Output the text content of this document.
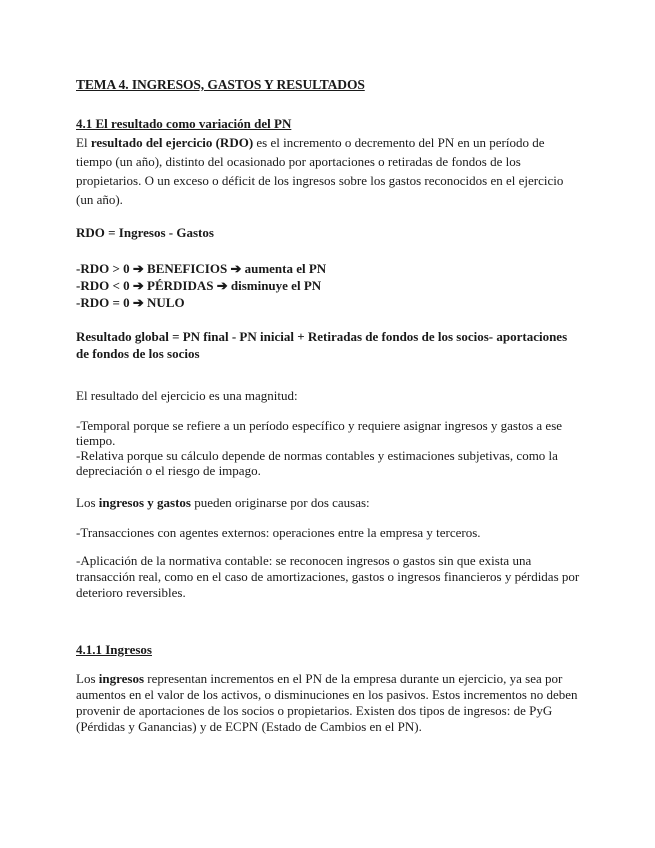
TEMA 4. INGRESOS, GASTOS Y RESULTADOS

4.1 El resultado como variación del PN

El resultado del ejercicio (RDO) es el incremento o decremento del PN en un período de tiempo (un año), distinto del ocasionado por aportaciones o retiradas de fondos de los propietarios. O un exceso o déficit de los ingresos sobre los gastos reconocidos en el ejercicio (un año).

RDO = Ingresos - Gastos

-RDO > 0 ➔ BENEFICIOS ➔ aumenta el PN

-RDO < 0 ➔ PÉRDIDAS ➔ disminuye el PN

-RDO = 0 ➔ NULO

Resultado global = PN final - PN inicial + Retiradas de fondos de los socios- aportaciones de fondos de los socios
El resultado del ejercicio es una magnitud:

-Temporal porque se refiere a un período específico y requiere asignar ingresos y gastos a ese tiempo.

-Relativa porque su cálculo depende de normas contables y estimaciones subjetivas, como la depreciación o el riesgo de impago.

Los ingresos y gastos pueden originarse por dos causas:
-Transacciones con agentes externos: operaciones entre la empresa y terceros.
-Aplicación de la normativa contable: se reconocen ingresos o gastos sin que exista una transacción real, como en el caso de amortizaciones, gastos o ingresos financieros y pérdidas por deterioro reversibles.
4.1.1 Ingresos
Los ingresos representan incrementos en el PN de la empresa durante un ejercicio, ya sea por aumentos en el valor de los activos, o disminuciones en los pasivos. Estos incrementos no deben provenir de aportaciones de los socios o propietarios. Existen dos tipos de ingresos: de PyG (Pérdidas y Ganancias) y de ECPN (Estado de Cambios en el PN).
